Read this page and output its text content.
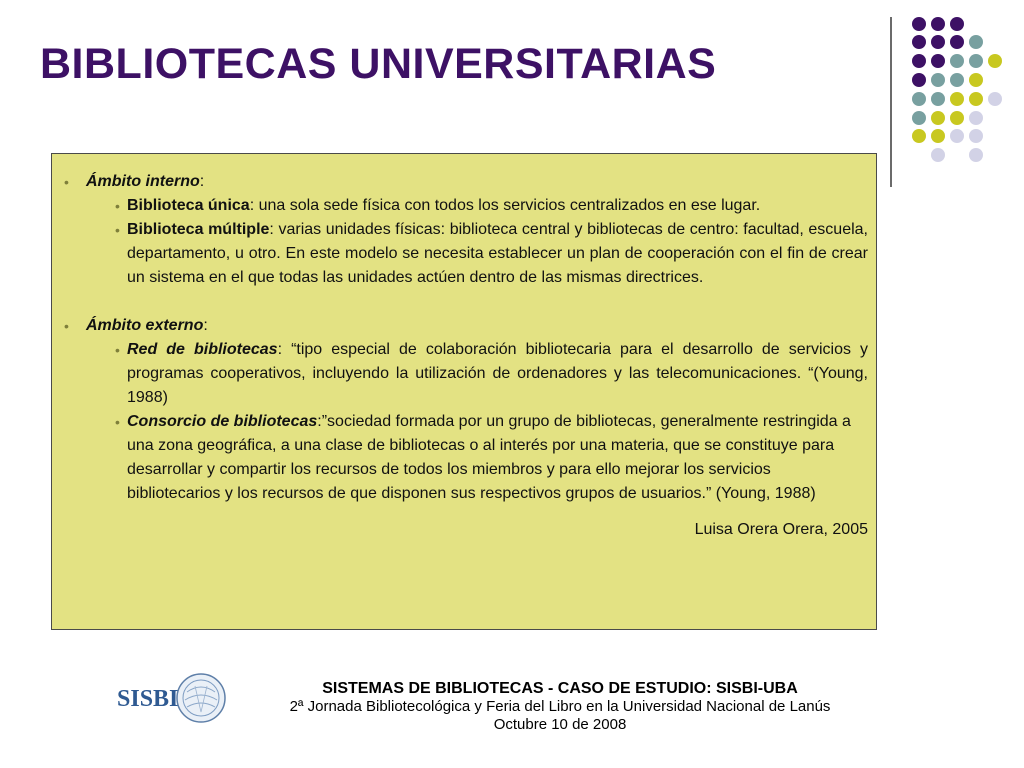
BIBLIOTECAS UNIVERSITARIAS
• Ámbito interno:
• Biblioteca única: una sola sede física con todos los servicios centralizados en ese lugar.
• Biblioteca múltiple: varias unidades físicas: biblioteca central y bibliotecas de centro: facultad, escuela, departamento, u otro. En este modelo se necesita establecer un plan de cooperación con el fin de crear un sistema en el que todas las unidades actúen dentro de las mismas directrices.
• Ámbito externo:
• Red de bibliotecas: “tipo especial de colaboración bibliotecaria para el desarrollo de servicios y programas cooperativos, incluyendo la utilización de ordenadores y las telecomunicaciones. “(Young, 1988)
• Consorcio de bibliotecas:”sociedad formada por un grupo de bibliotecas, generalmente restringida a una zona geográfica, a una clase de bibliotecas o al interés por una materia, que se constituye para desarrollar y compartir los recursos de todos los miembros y para ello mejorar los servicios bibliotecarios y los recursos de que disponen sus respectivos grupos de usuarios.” (Young, 1988)
Luisa Orera Orera, 2005
SISBI	SISTEMAS DE BIBLIOTECAS - CASO DE ESTUDIO: SISBI-UBA
2ª Jornada Bibliotecológica y Feria del Libro en la Universidad Nacional de Lanús
Octubre 10 de 2008
